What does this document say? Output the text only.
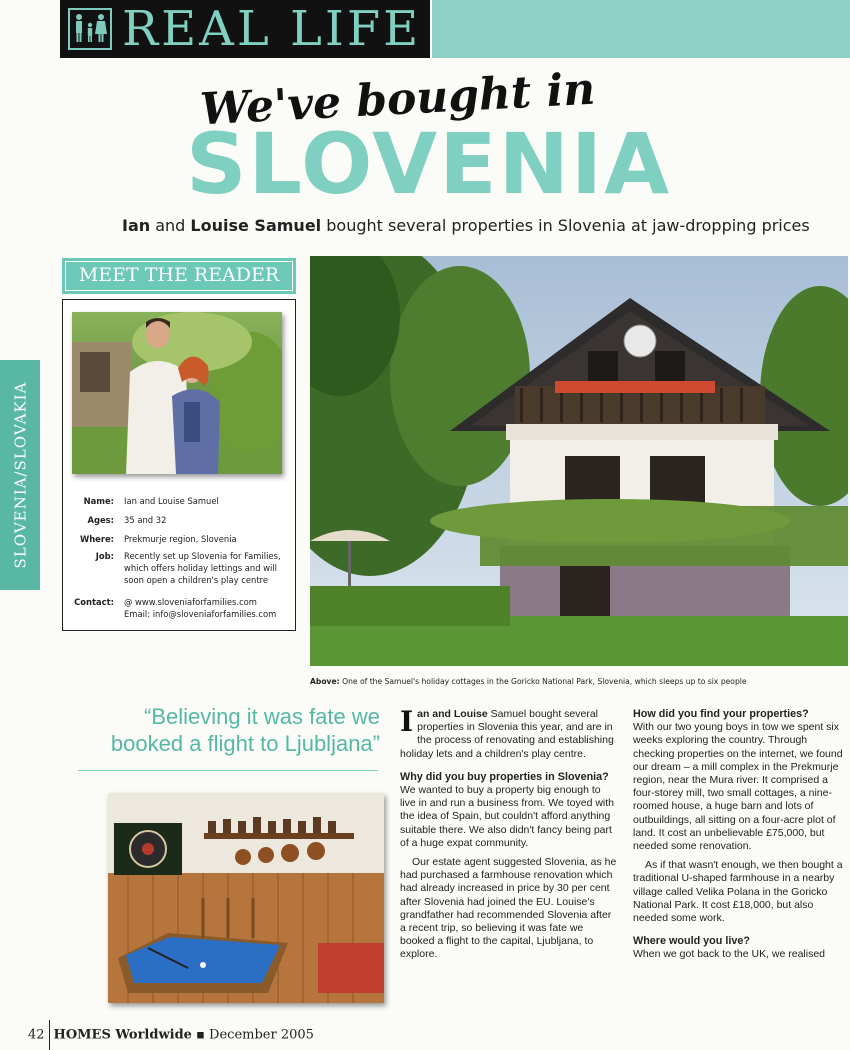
REAL LIFE
We've bought in
SLOVENIA
Ian and Louise Samuel bought several properties in Slovenia at jaw-dropping prices
MEET THE READER
Name: Ian and Louise Samuel
Ages: 35 and 32
Where: Prekmurje region, Slovenia
Job: Recently set up Slovenia for Families, which offers holiday lettings and will soon open a children's play centre
Contact: @ www.sloveniaforfamilies.com
Email: info@sloveniaforfamilies.com
SLOVENIA/SLOVAKIA
Above: One of the Samuel's holiday cottages in the Goricko National Park, Slovenia, which sleeps up to six people
“Believing it was fate we booked a flight to Ljubljana”

Ian and Louise Samuel bought several properties in Slovenia this year, and are in the process of renovating and establishing holiday lets and a children's play centre.

Why did you buy properties in Slovenia?

We wanted to buy a property big enough to live in and run a business from. We toyed with the idea of Spain, but couldn't afford anything suitable there. We also didn't fancy being part of a huge expat community.

Our estate agent suggested Slovenia, as he had purchased a farmhouse renovation which had already increased in price by 30 per cent after Slovenia had joined the EU. Louise's grandfather had recommended Slovenia after a recent trip, so believing it was fate we booked a flight to the capital, Ljubljana, to explore.

How did you find your properties?

With our two young boys in tow we spent six weeks exploring the country. Through checking properties on the internet, we found our dream – a mill complex in the Prekmurje region, near the Mura river. It comprised a four-storey mill, two small cottages, a nine-roomed house, a huge barn and lots of outbuildings, all sitting on a four-acre plot of land. It cost an unbelievable £75,000, but needed some renovation.

As if that wasn't enough, we then bought a traditional U-shaped farmhouse in a nearby village called Velika Polana in the Goricko National Park. It cost £18,000, but also needed some work.

Where would you live?

When we got back to the UK, we realised

42 HOMES Worldwide ▪ December 2005
